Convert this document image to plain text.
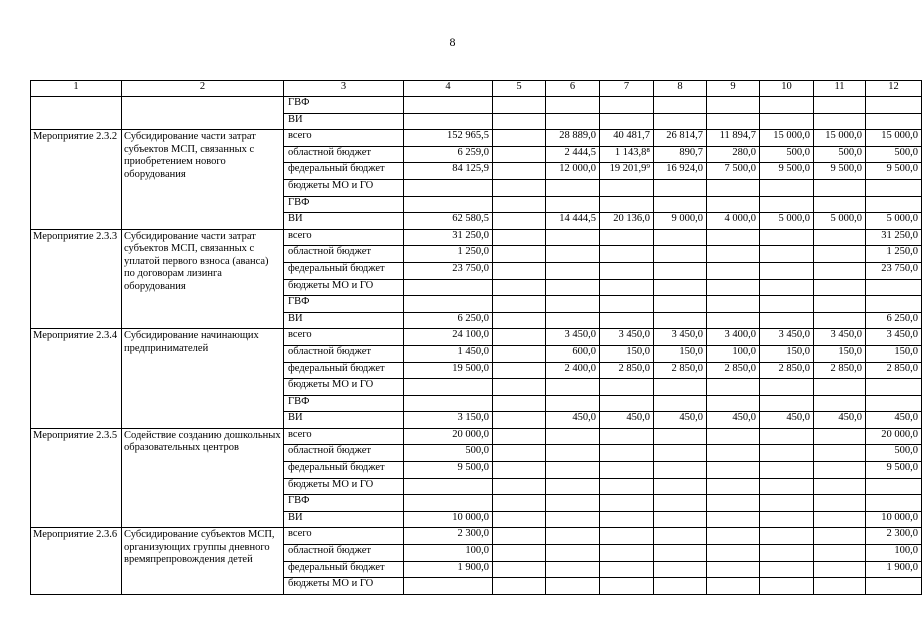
8
1	2	3	4	5	6	7	8	9	10	11	12
		ГВФ									
		ВИ									
Мероприятие 2.3.2	Субсидирование части затрат субъектов МСП, связанных с приобретением нового оборудования	всего	152 965,5		28 889,0	40 481,7	26 814,7	11 894,7	15 000,0	15 000,0	15 000,0
		областной бюджет	6 259,0		2 444,5	1 143,8⁸	890,7	280,0	500,0	500,0	500,0
		федеральный бюджет	84 125,9		12 000,0	19 201,9⁹	16 924,0	7 500,0	9 500,0	9 500,0	9 500,0
		бюджеты МО и ГО									
		ГВФ									
		ВИ	62 580,5		14 444,5	20 136,0	9 000,0	4 000,0	5 000,0	5 000,0	5 000,0
Мероприятие 2.3.3	Субсидирование части затрат субъектов МСП, связанных с уплатой первого взноса (аванса) по договорам лизинга оборудования	всего	31 250,0								31 250,0
		областной бюджет	1 250,0								1 250,0
		федеральный бюджет	23 750,0								23 750,0
		бюджеты МО и ГО									
		ГВФ									
		ВИ	6 250,0								6 250,0
Мероприятие 2.3.4	Субсидирование начинающих предпринимателей	всего	24 100,0		3 450,0	3 450,0	3 450,0	3 400,0	3 450,0	3 450,0	3 450,0
		областной бюджет	1 450,0		600,0	150,0	150,0	100,0	150,0	150,0	150,0
		федеральный бюджет	19 500,0		2 400,0	2 850,0	2 850,0	2 850,0	2 850,0	2 850,0	2 850,0
		бюджеты МО и ГО									
		ГВФ									
		ВИ	3 150,0		450,0	450,0	450,0	450,0	450,0	450,0	450,0
Мероприятие 2.3.5	Содействие созданию дошкольных образовательных центров	всего	20 000,0								20 000,0
		областной бюджет	500,0								500,0
		федеральный бюджет	9 500,0								9 500,0
		бюджеты МО и ГО									
		ГВФ									
		ВИ	10 000,0								10 000,0
Мероприятие 2.3.6	Субсидирование субъектов МСП, организующих группы дневного времяпрепровождения детей	всего	2 300,0								2 300,0
		областной бюджет	100,0								100,0
		федеральный бюджет	1 900,0								1 900,0
		бюджеты МО и ГО									
